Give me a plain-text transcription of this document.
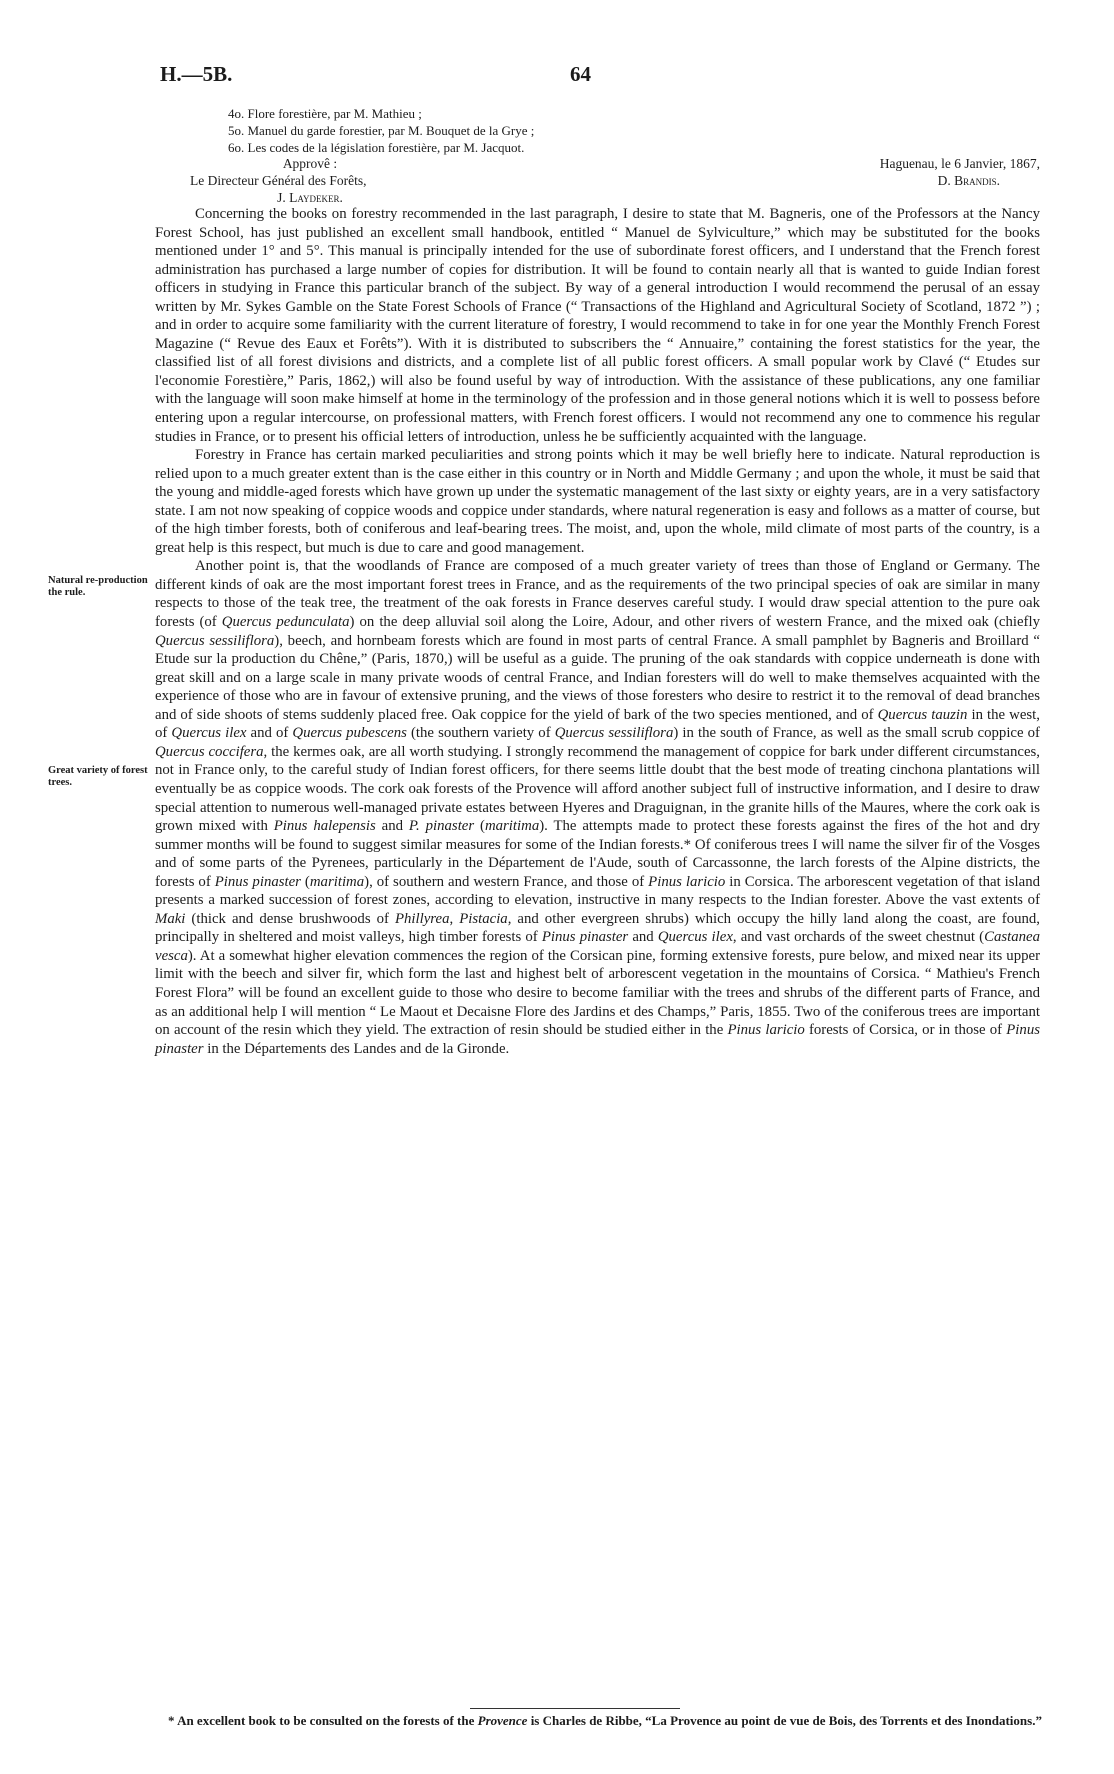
H.—5B.	64
4o. Flore forestière, par M. Mathieu ;
5o. Manuel du garde forestier, par M. Bouquet de la Grye ;
6o. Les codes de la législation forestière, par M. Jacquot.
Approvê :
Le Directeur Général des Forêts,
J. Laydeker.
Haguenau, le 6 Janvier, 1867,
D. Brandis.
Natural re-production the rule.
Great variety of forest trees.

Concerning the books on forestry recommended in the last paragraph, I desire to state that M. Bagneris, one of the Professors at the Nancy Forest School, has just published an excellent small handbook, entitled “ Manuel de Sylviculture,” which may be substituted for the books mentioned under 1° and 5°. This manual is principally intended for the use of subordinate forest officers, and I understand that the French forest administration has purchased a large number of copies for distribution. It will be found to contain nearly all that is wanted to guide Indian forest officers in studying in France this particular branch of the subject. By way of a general introduction I would recommend the perusal of an essay written by Mr. Sykes Gamble on the State Forest Schools of France (“ Transactions of the Highland and Agricultural Society of Scotland, 1872 ”) ; and in order to acquire some familiarity with the current literature of forestry, I would recommend to take in for one year the Monthly French Forest Magazine (“ Revue des Eaux et Forêts”). With it is distributed to subscribers the “ Annuaire,” containing the forest statistics for the year, the classified list of all forest divisions and districts, and a complete list of all public forest officers. A small popular work by Clavé (“ Etudes sur l'economie Forestière,” Paris, 1862,) will also be found useful by way of introduction. With the assistance of these publications, any one familiar with the language will soon make himself at home in the terminology of the profession and in those general notions which it is well to possess before entering upon a regular intercourse, on professional matters, with French forest officers. I would not recommend any one to commence his regular studies in France, or to present his official letters of introduction, unless he be sufficiently acquainted with the language.

Forestry in France has certain marked peculiarities and strong points which it may be well briefly here to indicate. Natural reproduction is relied upon to a much greater extent than is the case either in this country or in North and Middle Germany ; and upon the whole, it must be said that the young and middle-aged forests which have grown up under the systematic management of the last sixty or eighty years, are in a very satisfactory state. I am not now speaking of coppice woods and coppice under standards, where natural regeneration is easy and follows as a matter of course, but of the high timber forests, both of coniferous and leaf-bearing trees. The moist, and, upon the whole, mild climate of most parts of the country, is a great help is this respect, but much is due to care and good management.

Another point is, that the woodlands of France are composed of a much greater variety of trees than those of England or Germany. The different kinds of oak are the most important forest trees in France, and as the requirements of the two principal species of oak are similar in many respects to those of the teak tree, the treatment of the oak forests in France deserves careful study. I would draw special attention to the pure oak forests (of Quercus pedunculata) on the deep alluvial soil along the Loire, Adour, and other rivers of western France, and the mixed oak (chiefly Quercus sessiliflora), beech, and hornbeam forests which are found in most parts of central France. A small pamphlet by Bagneris and Broillard “ Etude sur la production du Chêne,” (Paris, 1870,) will be useful as a guide. The pruning of the oak standards with coppice underneath is done with great skill and on a large scale in many private woods of central France, and Indian foresters will do well to make themselves acquainted with the experience of those who are in favour of extensive pruning, and the views of those foresters who desire to restrict it to the removal of dead branches and of side shoots of stems suddenly placed free. Oak coppice for the yield of bark of the two species mentioned, and of Quercus tauzin in the west, of Quercus ilex and of Quercus pubescens (the southern variety of Quercus sessiliflora) in the south of France, as well as the small scrub coppice of Quercus coccifera, the kermes oak, are all worth studying. I strongly recommend the management of coppice for bark under different circumstances, not in France only, to the careful study of Indian forest officers, for there seems little doubt that the best mode of treating cinchona plantations will eventually be as coppice woods. The cork oak forests of the Provence will afford another subject full of instructive information, and I desire to draw special attention to numerous well-managed private estates between Hyeres and Draguignan, in the granite hills of the Maures, where the cork oak is grown mixed with Pinus halepensis and P. pinaster (maritima). The attempts made to protect these forests against the fires of the hot and dry summer months will be found to suggest similar measures for some of the Indian forests.* Of coniferous trees I will name the silver fir of the Vosges and of some parts of the Pyrenees, particularly in the Département de l'Aude, south of Carcassonne, the larch forests of the Alpine districts, the forests of Pinus pinaster (maritima), of southern and western France, and those of Pinus laricio in Corsica. The arborescent vegetation of that island presents a marked succession of forest zones, according to elevation, instructive in many respects to the Indian forester. Above the vast extents of Maki (thick and dense brushwoods of Phillyrea, Pistacia, and other evergreen shrubs) which occupy the hilly land along the coast, are found, principally in sheltered and moist valleys, high timber forests of Pinus pinaster and Quercus ilex, and vast orchards of the sweet chestnut (Castanea vesca). At a somewhat higher elevation commences the region of the Corsican pine, forming extensive forests, pure below, and mixed near its upper limit with the beech and silver fir, which form the last and highest belt of arborescent vegetation in the mountains of Corsica. “ Mathieu's French Forest Flora” will be found an excellent guide to those who desire to become familiar with the trees and shrubs of the different parts of France, and as an additional help I will mention “ Le Maout et Decaisne Flore des Jardins et des Champs,” Paris, 1855. Two of the coniferous trees are important on account of the resin which they yield. The extraction of resin should be studied either in the Pinus laricio forests of Corsica, or in those of Pinus pinaster in the Départements des Landes and de la Gironde.

* An excellent book to be consulted on the forests of the Provence is Charles de Ribbe, “La Provence au point de vue de Bois, des Torrents et des Inondations.”
